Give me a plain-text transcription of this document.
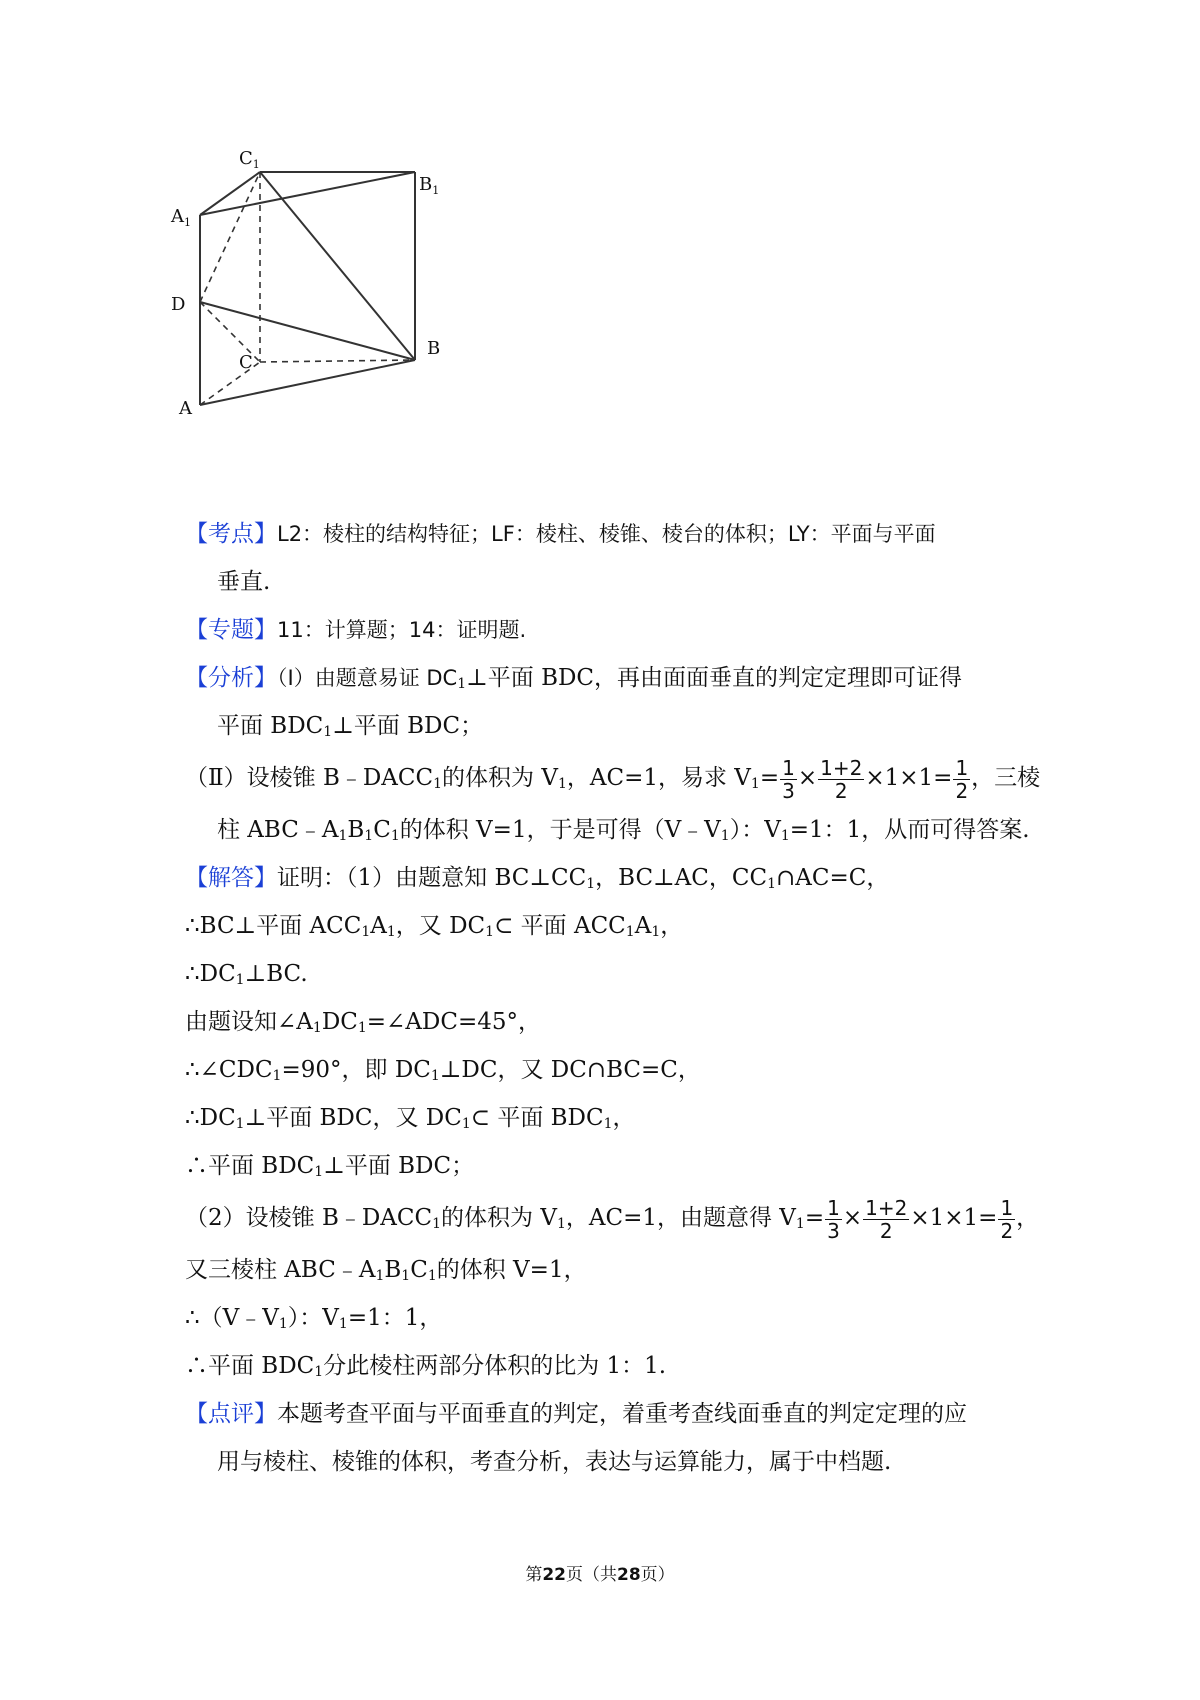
$C_1$
$B_1$
$A_1$
D
C
B
A
【考点】L2：棱柱的结构特征；LF：棱柱、棱锥、棱台的体积；LY：平面与平面
垂直.
【专题】11：计算题；14：证明题.
【分析】（Ⅰ）由题意易证 $DC_1\perp$平面 BDC，再由面面垂直的判定定理即可证得
平面 $BDC_1\perp$平面 BDC；
（Ⅱ）设棱锥 $B﹣DACC_1$的体积为 $V_1$，AC=1，易求 $V_1= \frac{1}{3} \times \frac{1+2}{2} \times 1\times 1= \frac{1}{2}$ ，三棱
柱 $ABC﹣A_1B_1C_1$的体积 V=1，于是可得$(V﹣V_1)$：$V_1=1$：1，从而可得答案.
【解答】证明：（1）由题意知 $BC\perp CC_1$，BC⊥AC，$CC_1\cap AC=C$，
∴BC⊥平面 $ACC_1A_1$，又 $DC_1\subset$ 平面 $ACC_1A_1$，
$\therefore DC_1\perp BC$.
由题设知$\angle A_1DC_1=\angle ADC=45^\circ$，
$\therefore\angle CDC_1=90^\circ$，即 $DC_1\perp DC$，又 DC∩BC=C，
$\therefore DC_1\perp$平面 BDC，又 $DC_1\subset$ 平面 $BDC_1$，
∴平面 $BDC_1\perp$平面 BDC；
（2）设棱锥 $B﹣DACC_1$的体积为 $V_1$，AC=1，由题意得 $V_1= \frac{1}{3} \times \frac{1+2}{2} \times 1\times 1= \frac{1}{2}$ ，
又三棱柱 $ABC﹣A_1B_1C_1$的体积 V=1，
$\therefore(V﹣V_1)$：$V_1=1$：1，
∴平面 $BDC_1$分此棱柱两部分体积的比为 1：1.
【点评】本题考查平面与平面垂直的判定，着重考查线面垂直的判定定理的应
用与棱柱、棱锥的体积，考查分析，表达与运算能力，属于中档题.
第22页（共28页）
